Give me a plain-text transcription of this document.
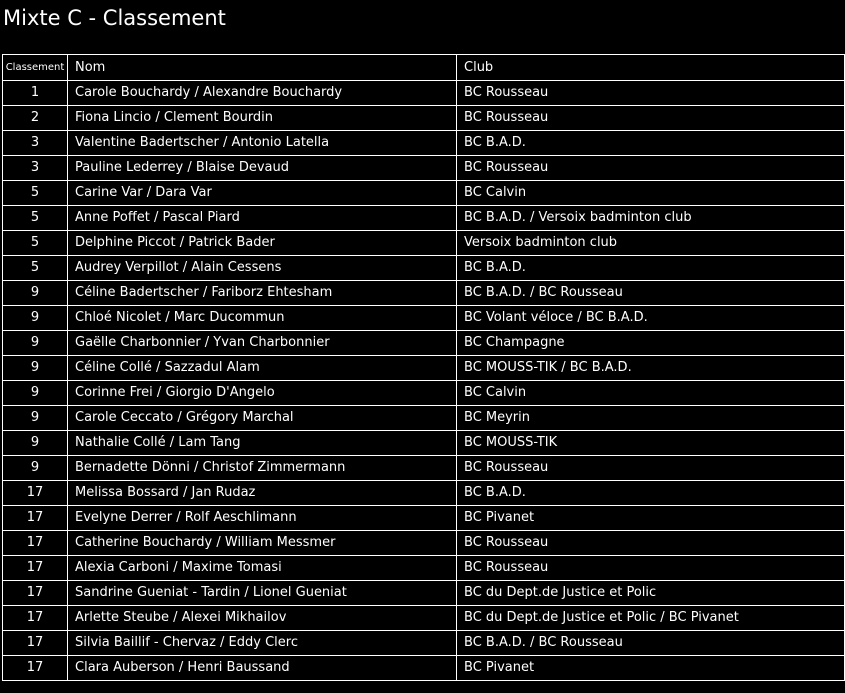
Mixte C - Classement
Classement	Nom	Club
1	Carole Bouchardy / Alexandre Bouchardy	BC Rousseau
2	Fiona Lincio / Clement Bourdin	BC Rousseau
3	Valentine Badertscher / Antonio Latella	BC B.A.D.
3	Pauline Lederrey / Blaise Devaud	BC Rousseau
5	Carine Var / Dara Var	BC Calvin
5	Anne Poffet / Pascal Piard	BC B.A.D. / Versoix badminton club
5	Delphine Piccot / Patrick Bader	Versoix badminton club
5	Audrey Verpillot / Alain Cessens	BC B.A.D.
9	Céline Badertscher / Fariborz Ehtesham	BC B.A.D. / BC Rousseau
9	Chloé Nicolet / Marc Ducommun	BC Volant véloce / BC B.A.D.
9	Gaëlle Charbonnier / Yvan Charbonnier	BC Champagne
9	Céline Collé / Sazzadul Alam	BC MOUSS-TIK / BC B.A.D.
9	Corinne Frei / Giorgio D'Angelo	BC Calvin
9	Carole Ceccato / Grégory Marchal	BC Meyrin
9	Nathalie Collé / Lam Tang	BC MOUSS-TIK
9	Bernadette Dönni / Christof Zimmermann	BC Rousseau
17	Melissa Bossard / Jan Rudaz	BC B.A.D.
17	Evelyne Derrer / Rolf Aeschlimann	BC Pivanet
17	Catherine Bouchardy / William Messmer	BC Rousseau
17	Alexia Carboni / Maxime Tomasi	BC Rousseau
17	Sandrine Gueniat - Tardin / Lionel Gueniat	BC du Dept.de Justice et Polic
17	Arlette Steube / Alexei Mikhailov	BC du Dept.de Justice et Polic / BC Pivanet
17	Silvia Baillif - Chervaz / Eddy Clerc	BC B.A.D. / BC Rousseau
17	Clara Auberson / Henri Baussand	BC Pivanet
